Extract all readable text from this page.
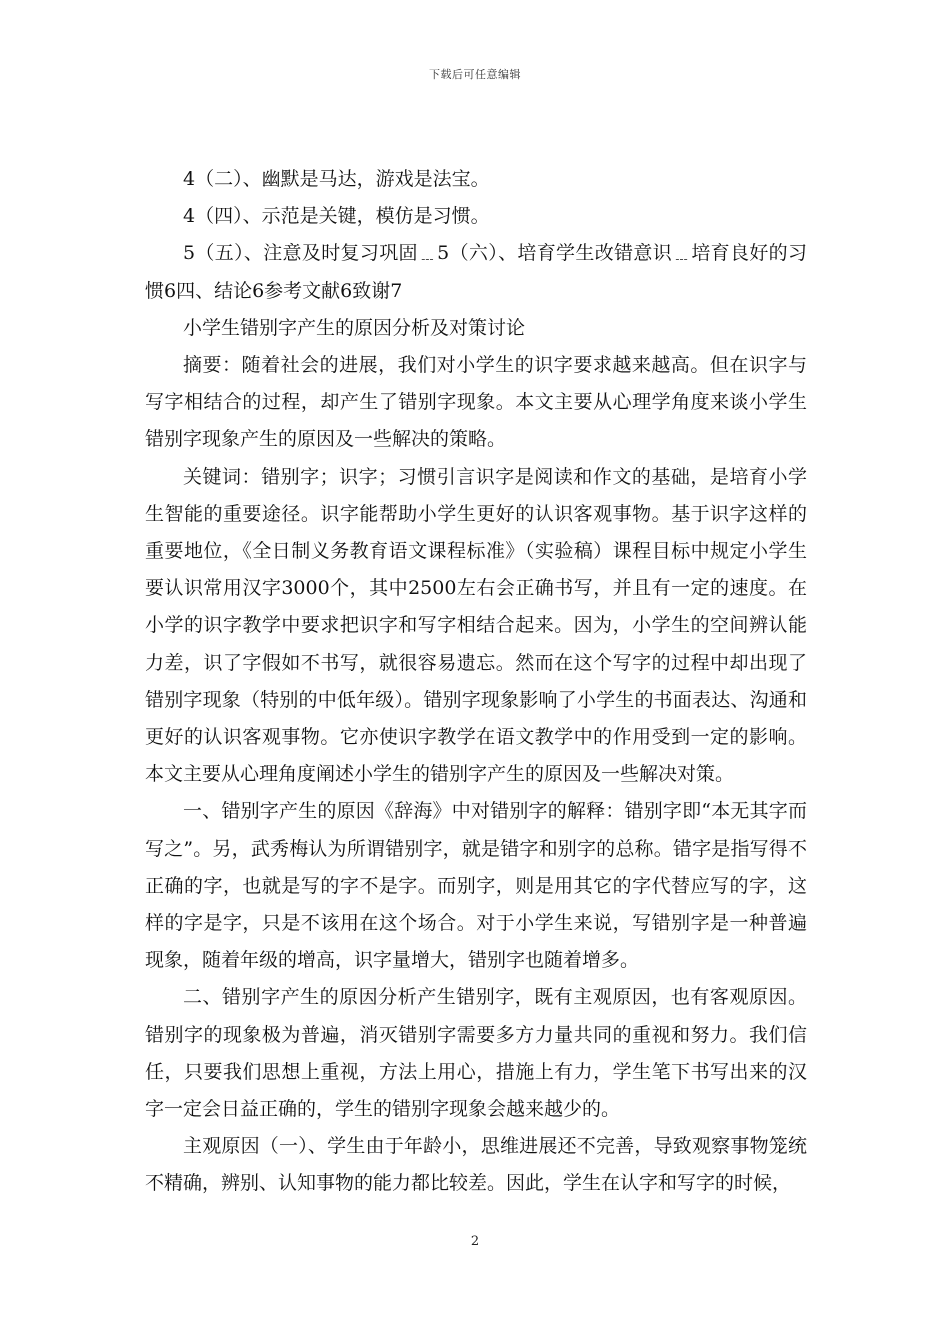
下载后可任意编辑

4（二）、幽默是马达，游戏是法宝。

4（四）、示范是关键，模仿是习惯。

5（五）、注意及时复习巩固﹍5（六）、培育学生改错意识﹍培育良好的习惯6四、结论6参考文献6致谢7

小学生错别字产生的原因分析及对策讨论

摘要：随着社会的进展，我们对小学生的识字要求越来越高。但在识字与写字相结合的过程，却产生了错别字现象。本文主要从心理学角度来谈小学生错别字现象产生的原因及一些解决的策略。

关键词：错别字；识字；习惯引言识字是阅读和作文的基础，是培育小学生智能的重要途径。识字能帮助小学生更好的认识客观事物。基于识字这样的重要地位，《全日制义务教育语文课程标准》（实验稿）课程目标中规定小学生要认识常用汉字3000个，其中2500左右会正确书写，并且有一定的速度。在小学的识字教学中要求把识字和写字相结合起来。因为，小学生的空间辨认能力差，识了字假如不书写，就很容易遗忘。然而在这个写字的过程中却出现了错别字现象（特别的中低年级）。错别字现象影响了小学生的书面表达、沟通和更好的认识客观事物。它亦使识字教学在语文教学中的作用受到一定的影响。本文主要从心理角度阐述小学生的错别字产生的原因及一些解决对策。

一、错别字产生的原因《辞海》中对错别字的解释：错别字即“本无其字而写之”。另，武秀梅认为所谓错别字，就是错字和别字的总称。错字是指写得不正确的字，也就是写的字不是字。而别字，则是用其它的字代替应写的字，这样的字是字，只是不该用在这个场合。对于小学生来说，写错别字是一种普遍现象，随着年级的增高，识字量增大，错别字也随着增多。

二、错别字产生的原因分析产生错别字，既有主观原因，也有客观原因。错别字的现象极为普遍，消灭错别字需要多方力量共同的重视和努力。我们信任，只要我们思想上重视，方法上用心，措施上有力，学生笔下书写出来的汉字一定会日益正确的，学生的错别字现象会越来越少的。

主观原因（一）、学生由于年龄小，思维进展还不完善，导致观察事物笼统不精确，辨别、认知事物的能力都比较差。因此，学生在认字和写字的时候，

2
